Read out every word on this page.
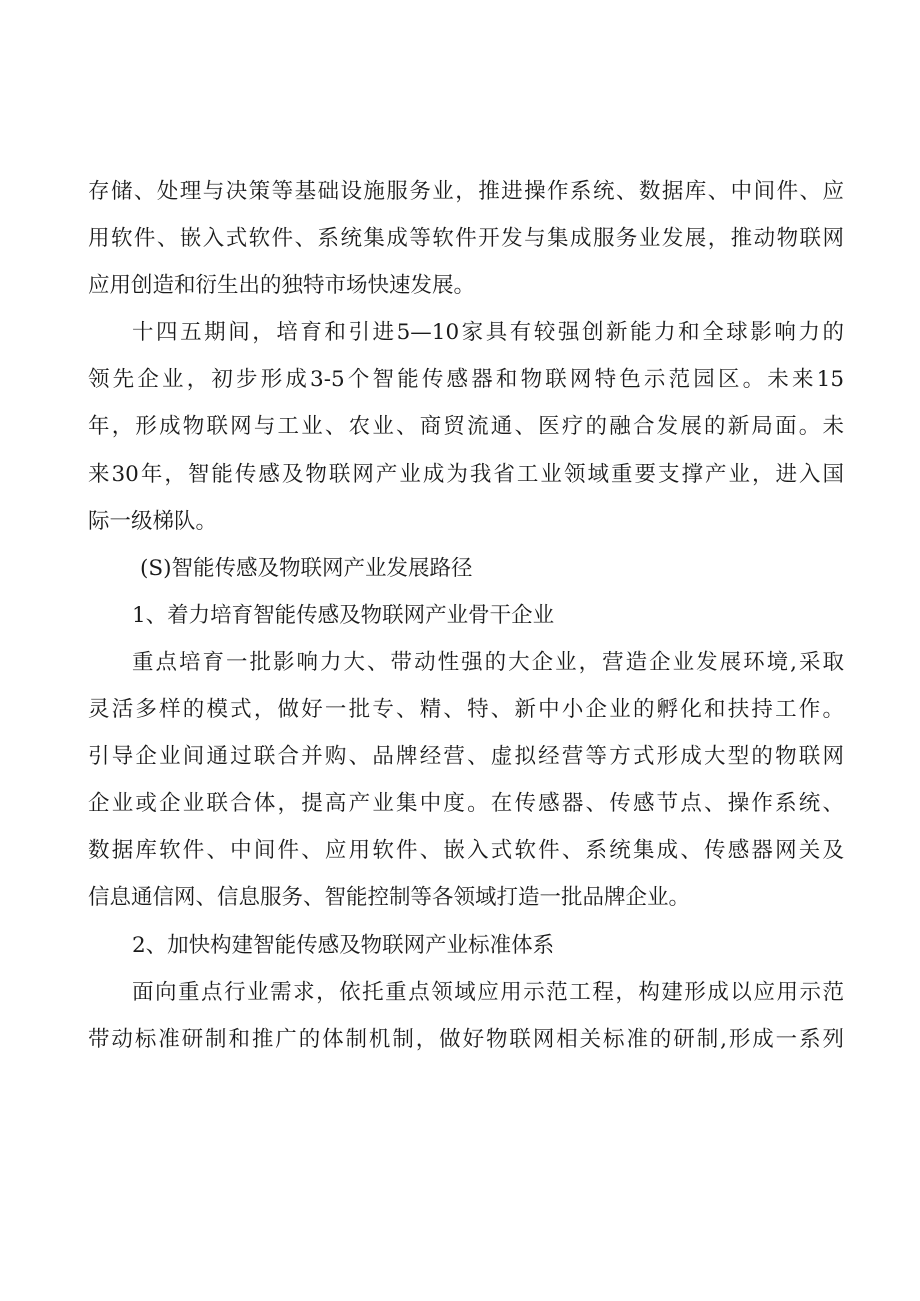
存储、处理与决策等基础设施服务业，推进操作系统、数据库、中间件、应
用软件、嵌入式软件、系统集成等软件开发与集成服务业发展，推动物联网
应用创造和衍生出的独特市场快速发展。
十四五期间，培育和引进5—10家具有较强创新能力和全球影响力的
领先企业，初步形成3-5个智能传感器和物联网特色示范园区。未来15
年，形成物联网与工业、农业、商贸流通、医疗的融合发展的新局面。未
来30年，智能传感及物联网产业成为我省工业领域重要支撑产业，进入国
际一级梯队。
(S)智能传感及物联网产业发展路径
1、着力培育智能传感及物联网产业骨干企业
重点培育一批影响力大、带动性强的大企业，营造企业发展环境,采取
灵活多样的模式，做好一批专、精、特、新中小企业的孵化和扶持工作。
引导企业间通过联合并购、品牌经营、虚拟经营等方式形成大型的物联网
企业或企业联合体，提高产业集中度。在传感器、传感节点、操作系统、
数据库软件、中间件、应用软件、嵌入式软件、系统集成、传感器网关及
信息通信网、信息服务、智能控制等各领域打造一批品牌企业。
2、加快构建智能传感及物联网产业标准体系
面向重点行业需求，依托重点领域应用示范工程，构建形成以应用示范
带动标准研制和推广的体制机制，做好物联网相关标准的研制,形成一系列
